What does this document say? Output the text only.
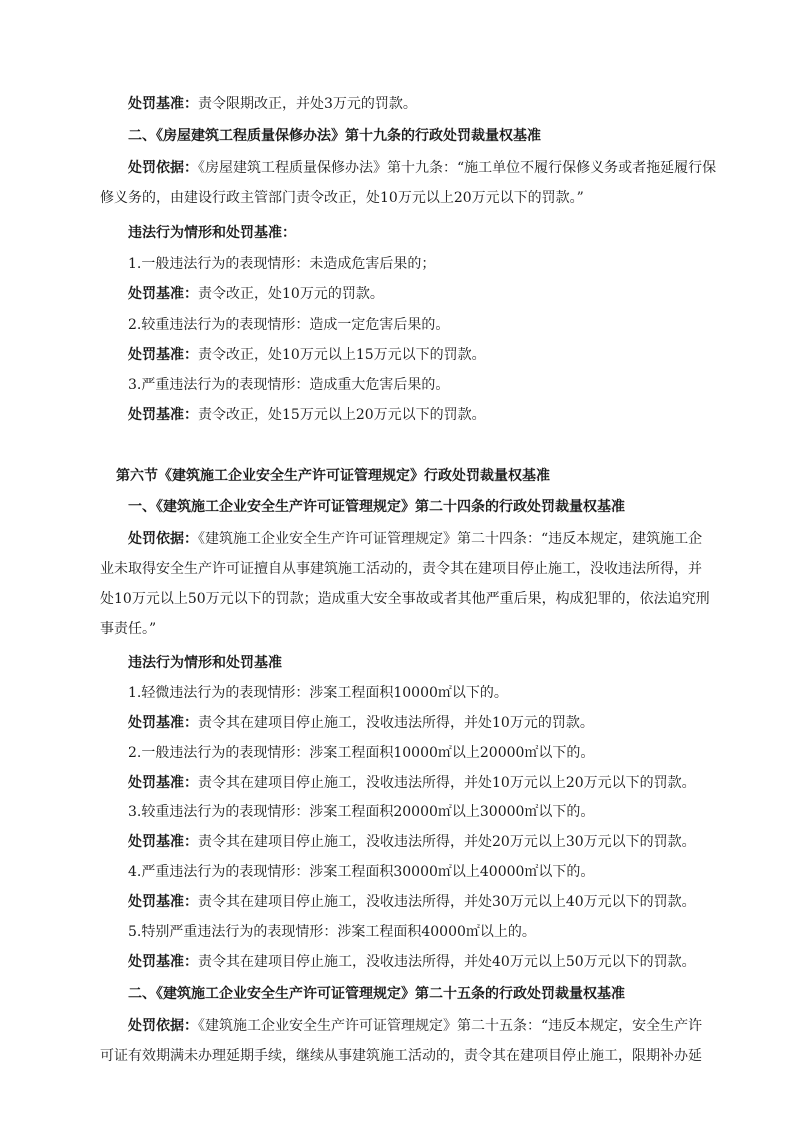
处罚基准：责令限期改正，并处3万元的罚款。
二、《房屋建筑工程质量保修办法》第十九条的行政处罚裁量权基准
处罚依据：《房屋建筑工程质量保修办法》第十九条：“施工单位不履行保修义务或者拖延履行保
修义务的，由建设行政主管部门责令改正，处10万元以上20万元以下的罚款。”
违法行为情形和处罚基准：
1.一般违法行为的表现情形：未造成危害后果的；
处罚基准：责令改正，处10万元的罚款。
2.较重违法行为的表现情形：造成一定危害后果的。
处罚基准：责令改正，处10万元以上15万元以下的罚款。
3.严重违法行为的表现情形：造成重大危害后果的。
处罚基准：责令改正，处15万元以上20万元以下的罚款。
第六节《建筑施工企业安全生产许可证管理规定》行政处罚裁量权基准
一、《建筑施工企业安全生产许可证管理规定》第二十四条的行政处罚裁量权基准
处罚依据：《建筑施工企业安全生产许可证管理规定》第二十四条：“违反本规定，建筑施工企
业未取得安全生产许可证擅自从事建筑施工活动的，责令其在建项目停止施工，没收违法所得，并
处10万元以上50万元以下的罚款；造成重大安全事故或者其他严重后果，构成犯罪的，依法追究刑
事责任。”
违法行为情形和处罚基准
1.轻微违法行为的表现情形：涉案工程面积10000㎡以下的。
处罚基准：责令其在建项目停止施工，没收违法所得，并处10万元的罚款。
2.一般违法行为的表现情形：涉案工程面积10000㎡以上20000㎡以下的。
处罚基准：责令其在建项目停止施工，没收违法所得，并处10万元以上20万元以下的罚款。
3.较重违法行为的表现情形：涉案工程面积20000㎡以上30000㎡以下的。
处罚基准：责令其在建项目停止施工，没收违法所得，并处20万元以上30万元以下的罚款。
4.严重违法行为的表现情形：涉案工程面积30000㎡以上40000㎡以下的。
处罚基准：责令其在建项目停止施工，没收违法所得，并处30万元以上40万元以下的罚款。
5.特别严重违法行为的表现情形：涉案工程面积40000㎡以上的。
处罚基准：责令其在建项目停止施工，没收违法所得，并处40万元以上50万元以下的罚款。
二、《建筑施工企业安全生产许可证管理规定》第二十五条的行政处罚裁量权基准
处罚依据：《建筑施工企业安全生产许可证管理规定》第二十五条：“违反本规定，安全生产许
可证有效期满未办理延期手续，继续从事建筑施工活动的，责令其在建项目停止施工，限期补办延
